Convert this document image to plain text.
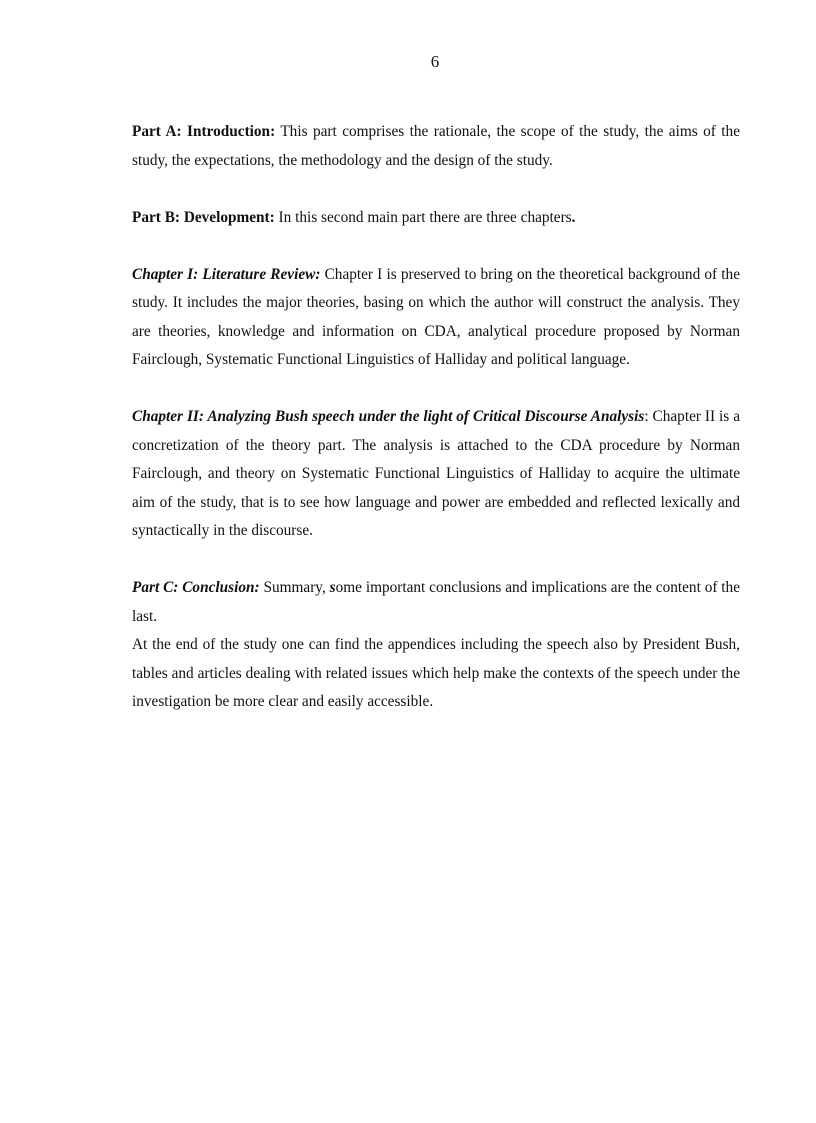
6

Part A: Introduction: This part comprises the rationale, the scope of the study, the aims of the study, the expectations, the methodology and the design of the study.

Part B: Development: In this second main part there are three chapters.

Chapter I: Literature Review: Chapter I is preserved to bring on the theoretical background of the study. It includes the major theories, basing on which the author will construct the analysis. They are theories, knowledge and information on CDA, analytical procedure proposed by Norman Fairclough, Systematic Functional Linguistics of Halliday and political language.

Chapter II: Analyzing Bush speech under the light of Critical Discourse Analysis: Chapter II is a concretization of the theory part. The analysis is attached to the CDA procedure by Norman Fairclough, and theory on Systematic Functional Linguistics of Halliday to acquire the ultimate aim of the study, that is to see how language and power are embedded and reflected lexically and syntactically in the discourse.

Part C: Conclusion: Summary, some important conclusions and implications are the content of the last.

At the end of the study one can find the appendices including the speech also by President Bush, tables and articles dealing with related issues which help make the contexts of the speech under the investigation be more clear and easily accessible.
